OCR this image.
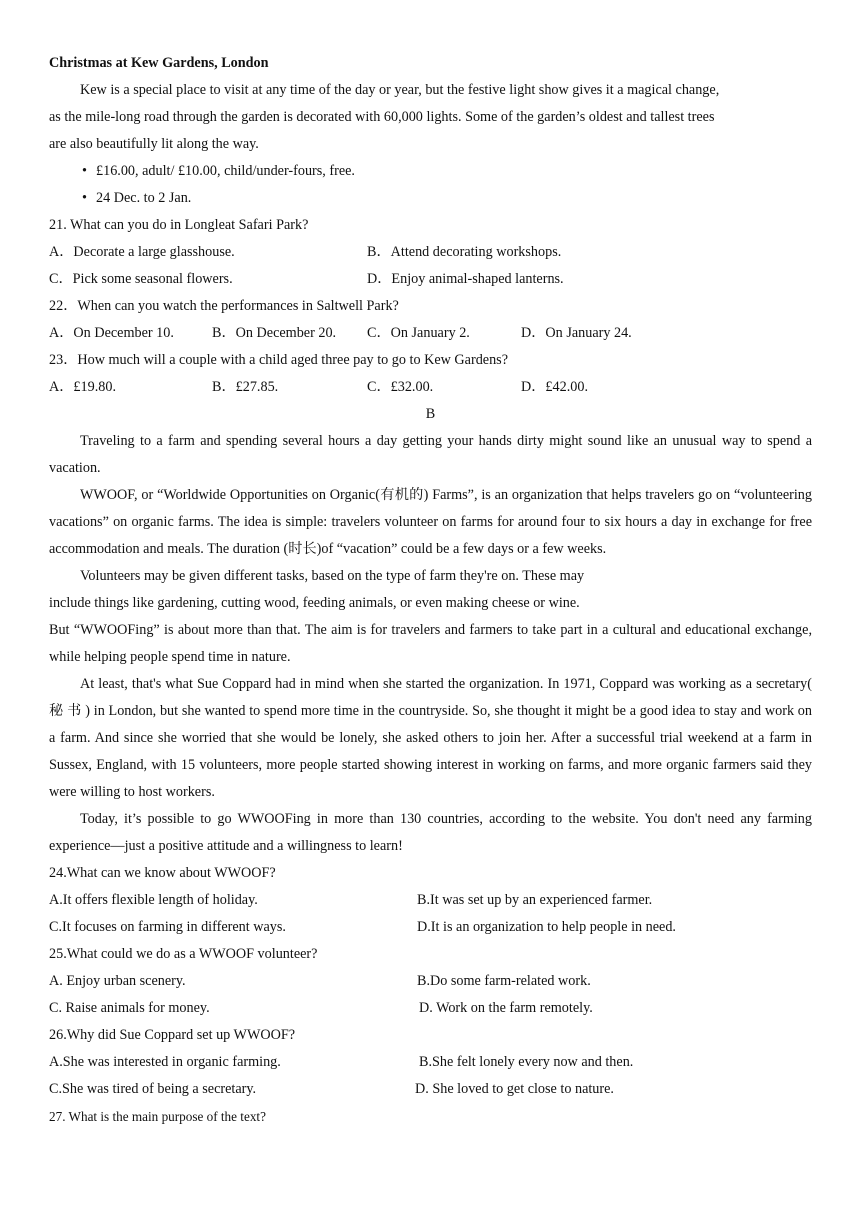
Christmas at Kew Gardens, London
Kew is a special place to visit at any time of the day or year, but the festive light show gives it a magical change,
as the mile-long road through the garden is decorated with 60,000 lights. Some of the garden’s oldest and tallest trees
are also beautifully lit along the way.
• £16.00, adult/ £10.00, child/under-fours, free.
• 24 Dec. to 2 Jan.
21. What can you do in Longleat Safari Park?
A．Decorate a large glasshouse.	B．Attend decorating workshops.
C．Pick some seasonal flowers.	D．Enjoy animal-shaped lanterns.
22．When can you watch the performances in Saltwell Park?
A．On December 10.	B．On December 20.	C．On January 2.	D．On January 24.
23．How much will a couple with a child aged three pay to go to Kew Gardens?
A．£19.80.	B．£27.85.	C．£32.00.	D．£42.00.
B
Traveling to a farm and spending several hours a day getting your hands dirty might sound like an unusual way to spend a vacation.
WWOOF, or “Worldwide Opportunities on Organic(有机的) Farms”, is an organization that helps travelers go on “volunteering vacations” on organic farms. The idea is simple: travelers volunteer on farms for around four to six hours a day in exchange for free accommodation and meals. The duration (时长)of “vacation” could be a few days or a few weeks.
Volunteers may be given different tasks, based on the type of farm they're on. These may
include things like gardening, cutting wood, feeding animals, or even making cheese or wine.
But “WWOOFing” is about more than that. The aim is for travelers and farmers to take part in a cultural and educational exchange, while helping people spend time in nature.
At least, that's what Sue Coppard had in mind when she started the organization. In 1971, Coppard was working as a secretary( 秘 书 ) in London, but she wanted to spend more time in the countryside. So, she thought it might be a good idea to stay and work on a farm. And since she worried that she would be lonely, she asked others to join her. After a successful trial weekend at a farm in Sussex, England, with 15 volunteers, more people started showing interest in working on farms, and more organic farmers said they were willing to host workers.
Today, it’s possible to go WWOOFing in more than 130 countries, according to the website. You don't need any farming experience—just a positive attitude and a willingness to learn!
24.What can we know about WWOOF?
A.It offers flexible length of holiday.	B.It was set up by an experienced farmer.
C.It focuses on farming in different ways.	D.It is an organization to help people in need.
25.What could we do as a WWOOF volunteer?
A. Enjoy urban scenery.	B.Do some farm-related work.
C. Raise animals for money.	D. Work on the farm remotely.
26.Why did Sue Coppard set up WWOOF?
A.She was interested in organic farming.	B.She felt lonely every now and then.
C.She was tired of being a secretary.	D. She loved to get close to nature.
27. What is the main purpose of the text?
